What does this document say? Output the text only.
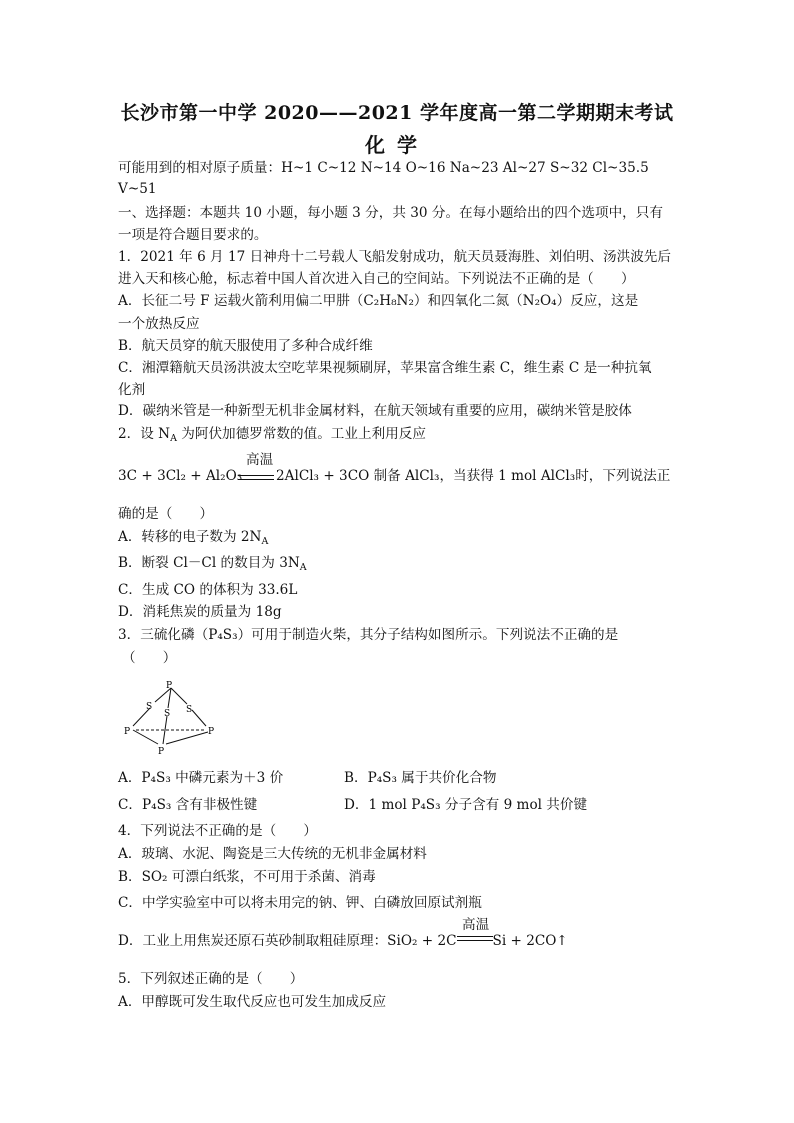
长沙市第一中学 2020——2021 学年度高一第二学期期末考试
化学
可能用到的相对原子质量：H~1 C~12 N~14 O~16 Na~23 Al~27 S~32 Cl~35.5
V~51
一、选择题：本题共 10 小题，每小题 3 分，共 30 分。在每小题给出的四个选项中，只有
一项是符合题目要求的。
1．2021 年 6 月 17 日神舟十二号载人飞船发射成功，航天员聂海胜、刘伯明、汤洪波先后
进入天和核心舱，标志着中国人首次进入自己的空间站。下列说法不正确的是（　　）
A．长征二号 F 运载火箭利用偏二甲肼（C₂H₈N₂）和四氧化二氮（N₂O₄）反应，这是
一个放热反应
B．航天员穿的航天服使用了多种合成纤维
C．湘潭籍航天员汤洪波太空吃苹果视频刷屏，苹果富含维生素 C，维生素 C 是一种抗氧
化剂
D．碳纳米管是一种新型无机非金属材料，在航天领域有重要的应用，碳纳米管是胶体
2．设 $N_A$ 为阿伏加德罗常数的值。工业上利用反应
高温
3C + 3Cl₂ + Al₂O₃ 2AlCl₃ + 3CO 制备 AlCl₃，当获得 1 mol AlCl₃时，下列说法正
确的是（　　）
A．转移的电子数为 $2N_A$
B．断裂 Cl－Cl 的数目为 $3N_A$
C．生成 CO 的体积为 33.6L
D．消耗焦炭的质量为 18g
3．三硫化磷（P₄S₃）可用于制造火柴，其分子结构如图所示。下列说法不正确的是
（　　）
P
S
S S
P	P
P
A．P₄S₃ 中磷元素为＋3 价	B．P₄S₃ 属于共价化合物
C．P₄S₃ 含有非极性键	D．1 mol P₄S₃ 分子含有 9 mol 共价键
4．下列说法不正确的是（　　）
A．玻璃、水泥、陶瓷是三大传统的无机非金属材料
B．SO₂ 可漂白纸浆，不可用于杀菌、消毒
C．中学实验室中可以将未用完的钠、钾、白磷放回原试剂瓶
高温
D．工业上用焦炭还原石英砂制取粗硅原理：SiO₂ + 2C	Si + 2CO↑
5．下列叙述正确的是（　　）
A．甲醇既可发生取代反应也可发生加成反应
